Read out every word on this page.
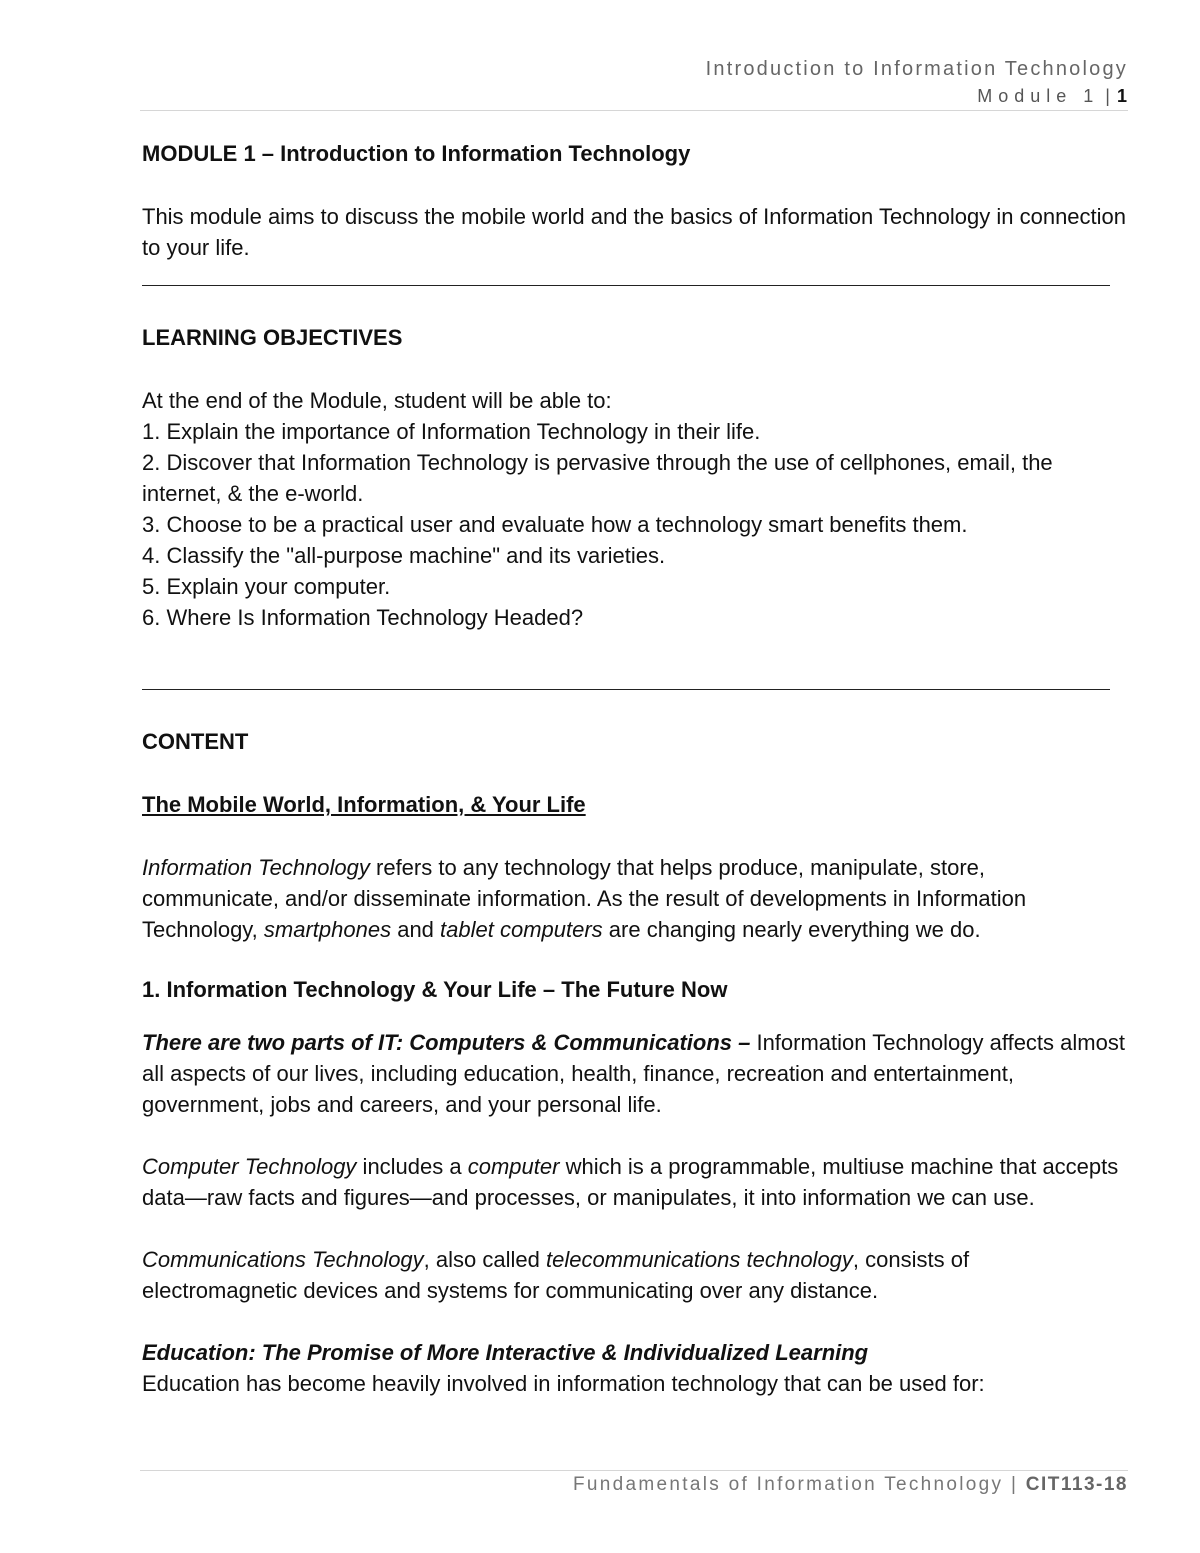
Introduction to Information Technology
Module 1 | 1

MODULE 1 – Introduction to Information Technology

This module aims to discuss the mobile world and the basics of Information Technology in connection to your life.

LEARNING OBJECTIVES

At the end of the Module, student will be able to:

1. Explain the importance of Information Technology in their life.

2. Discover that Information Technology is pervasive through the use of cellphones, email, the internet, & the e-world.

3. Choose to be a practical user and evaluate how a technology smart benefits them.

4. Classify the "all-purpose machine" and its varieties.

5. Explain your computer.

6. Where Is Information Technology Headed?

CONTENT

The Mobile World, Information, & Your Life

Information Technology refers to any technology that helps produce, manipulate, store, communicate, and/or disseminate information. As the result of developments in Information Technology, smartphones and tablet computers are changing nearly everything we do.

1. Information Technology & Your Life – The Future Now

There are two parts of IT: Computers & Communications – Information Technology affects almost all aspects of our lives, including education, health, finance, recreation and entertainment, government, jobs and careers, and your personal life.

Computer Technology includes a computer which is a programmable, multiuse machine that accepts data—raw facts and figures—and processes, or manipulates, it into information we can use.

Communications Technology, also called telecommunications technology, consists of electromagnetic devices and systems for communicating over any distance.

Education: The Promise of More Interactive & Individualized Learning

Education has become heavily involved in information technology that can be used for:

Fundamentals of Information Technology | CIT113-18
